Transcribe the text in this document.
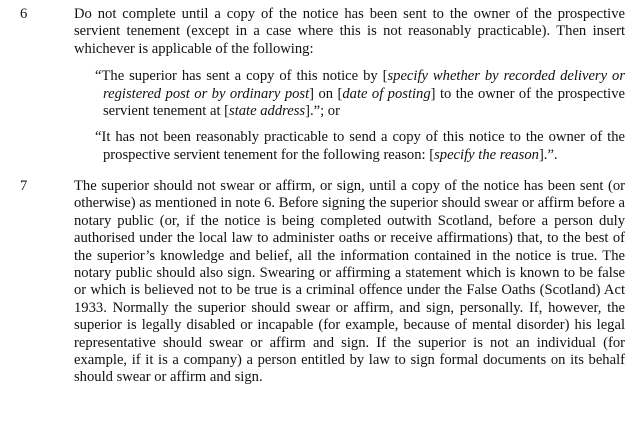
6	Do not complete until a copy of the notice has been sent to the owner of the prospective servient tenement (except in a case where this is not reasonably practicable). Then insert whichever is applicable of the following:

“The superior has sent a copy of this notice by [specify whether by recorded delivery or registered post or by ordinary post] on [date of posting] to the owner of the prospective servient tenement at [state address].”; or

“It has not been reasonably practicable to send a copy of this notice to the owner of the prospective servient tenement for the following reason: [specify the reason].”.

7	The superior should not swear or affirm, or sign, until a copy of the notice has been sent (or otherwise) as mentioned in note 6. Before signing the superior should swear or affirm before a notary public (or, if the notice is being completed outwith Scotland, before a person duly authorised under the local law to administer oaths or receive affirmations) that, to the best of the superior’s knowledge and belief, all the information contained in the notice is true. The notary public should also sign. Swearing or affirming a statement which is known to be false or which is believed not to be true is a criminal offence under the False Oaths (Scotland) Act 1933. Normally the superior should swear or affirm, and sign, personally. If, however, the superior is legally disabled or incapable (for example, because of mental disorder) his legal representative should swear or affirm and sign. If the superior is not an individual (for example, if it is a company) a person entitled by law to sign formal documents on its behalf should swear or affirm and sign.
